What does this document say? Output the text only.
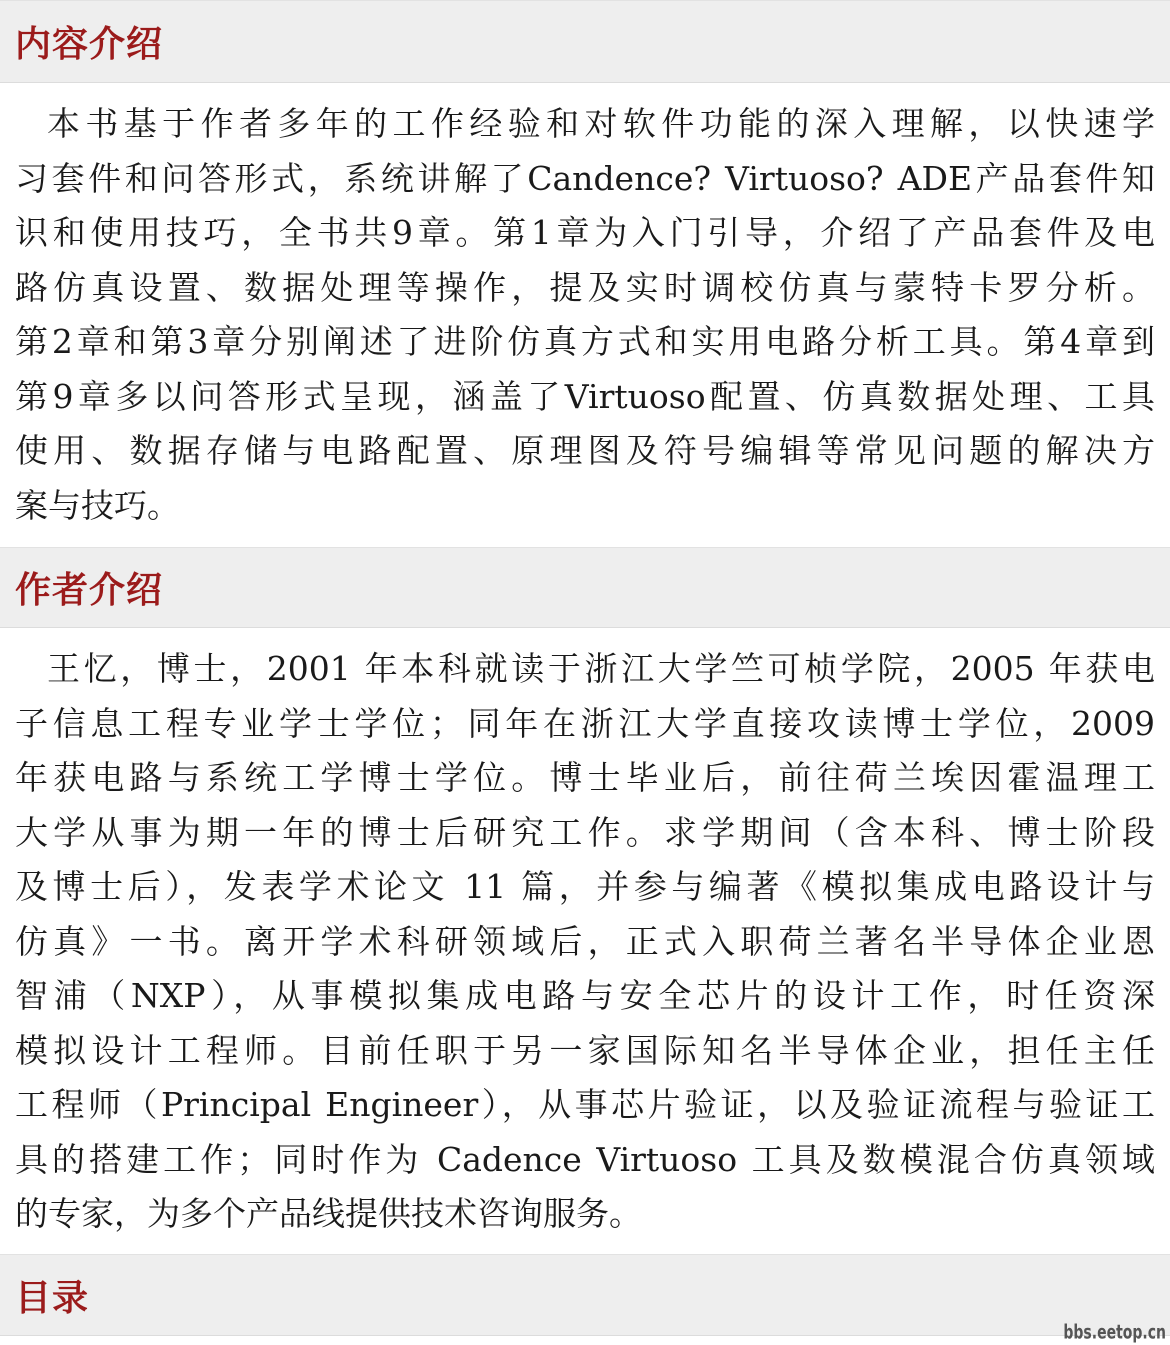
内容介绍
本书基于作者多年的工作经验和对软件功能的深入理解，以快速学
习套件和问答形式，系统讲解了Candence? Virtuoso? ADE产品套件知
识和使用技巧，全书共9章。第1章为入门引导，介绍了产品套件及电
路仿真设置、数据处理等操作，提及实时调校仿真与蒙特卡罗分析。
第2章和第3章分别阐述了进阶仿真方式和实用电路分析工具。第4章到
第9章多以问答形式呈现，涵盖了Virtuoso配置、仿真数据处理、工具
使用、数据存储与电路配置、原理图及符号编辑等常见问题的解决方
案与技巧。
作者介绍
王忆，博士，2001 年本科就读于浙江大学竺可桢学院，2005 年获电
子信息工程专业学士学位；同年在浙江大学直接攻读博士学位，2009
年获电路与系统工学博士学位。博士毕业后，前往荷兰埃因霍温理工
大学从事为期一年的博士后研究工作。求学期间（含本科、博士阶段
及博士后），发表学术论文 11 篇，并参与编著《模拟集成电路设计与
仿真》一书。离开学术科研领域后，正式入职荷兰著名半导体企业恩
智浦（NXP），从事模拟集成电路与安全芯片的设计工作，时任资深
模拟设计工程师。目前任职于另一家国际知名半导体企业，担任主任
工程师（Principal Engineer），从事芯片验证，以及验证流程与验证工
具的搭建工作；同时作为 Cadence Virtuoso 工具及数模混合仿真领域
的专家，为多个产品线提供技术咨询服务。
目录
bbs.eetop.cn
